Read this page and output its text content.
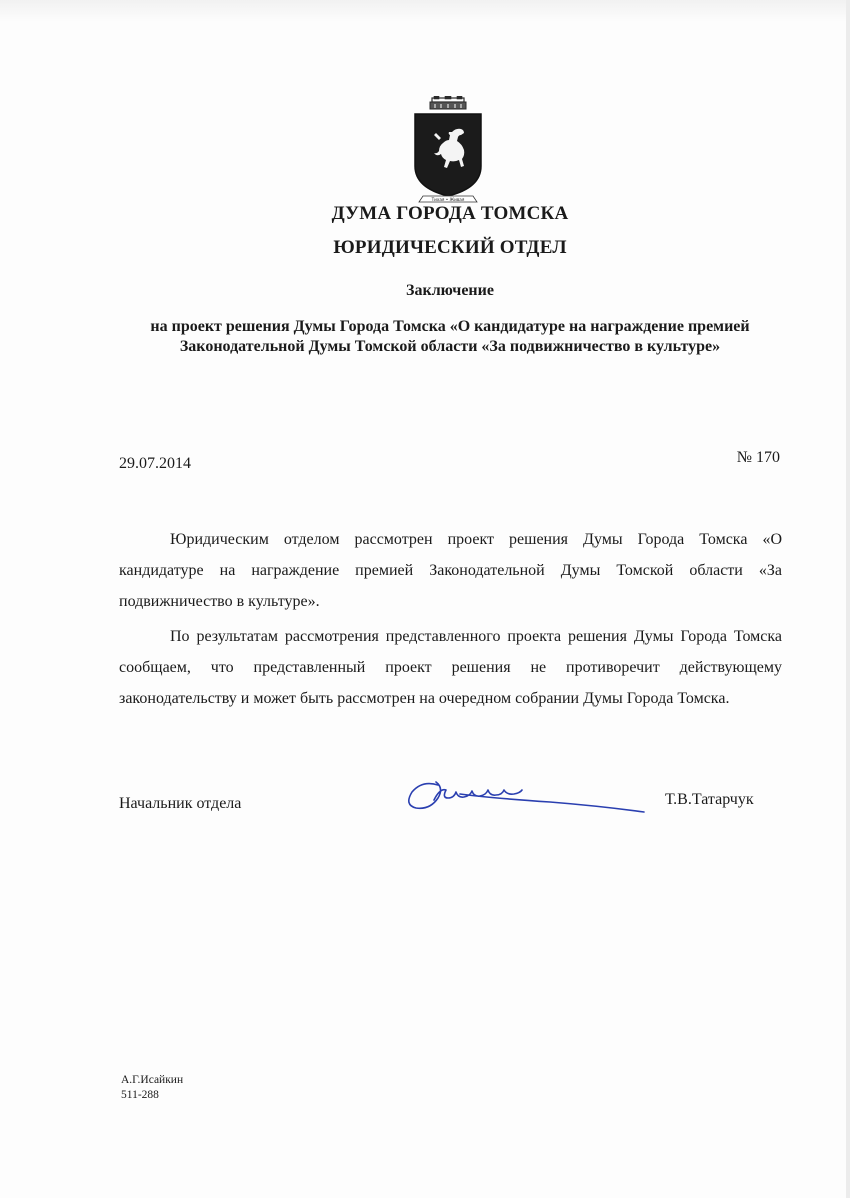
Тихая • Живая
ДУМА ГОРОДА ТОМСКА
ЮРИДИЧЕСКИЙ ОТДЕЛ
Заключение
на проект решения Думы Города Томска «О кандидатуре на награждение премией Законодательной Думы Томской области «За подвижничество в культуре»
29.07.2014	№ 170

Юридическим отделом рассмотрен проект решения Думы Города Томска «О кандидатуре на награждение премией Законодательной Думы Томской области «За подвижничество в культуре».

По результатам рассмотрения представленного проекта решения Думы Города Томска сообщаем, что представленный проект решения не противоречит действующему законодательству и может быть рассмотрен на очередном собрании Думы Города Томска.

Начальник отдела	Т.В.Татарчук
А.Г.Исайкин
511-288
